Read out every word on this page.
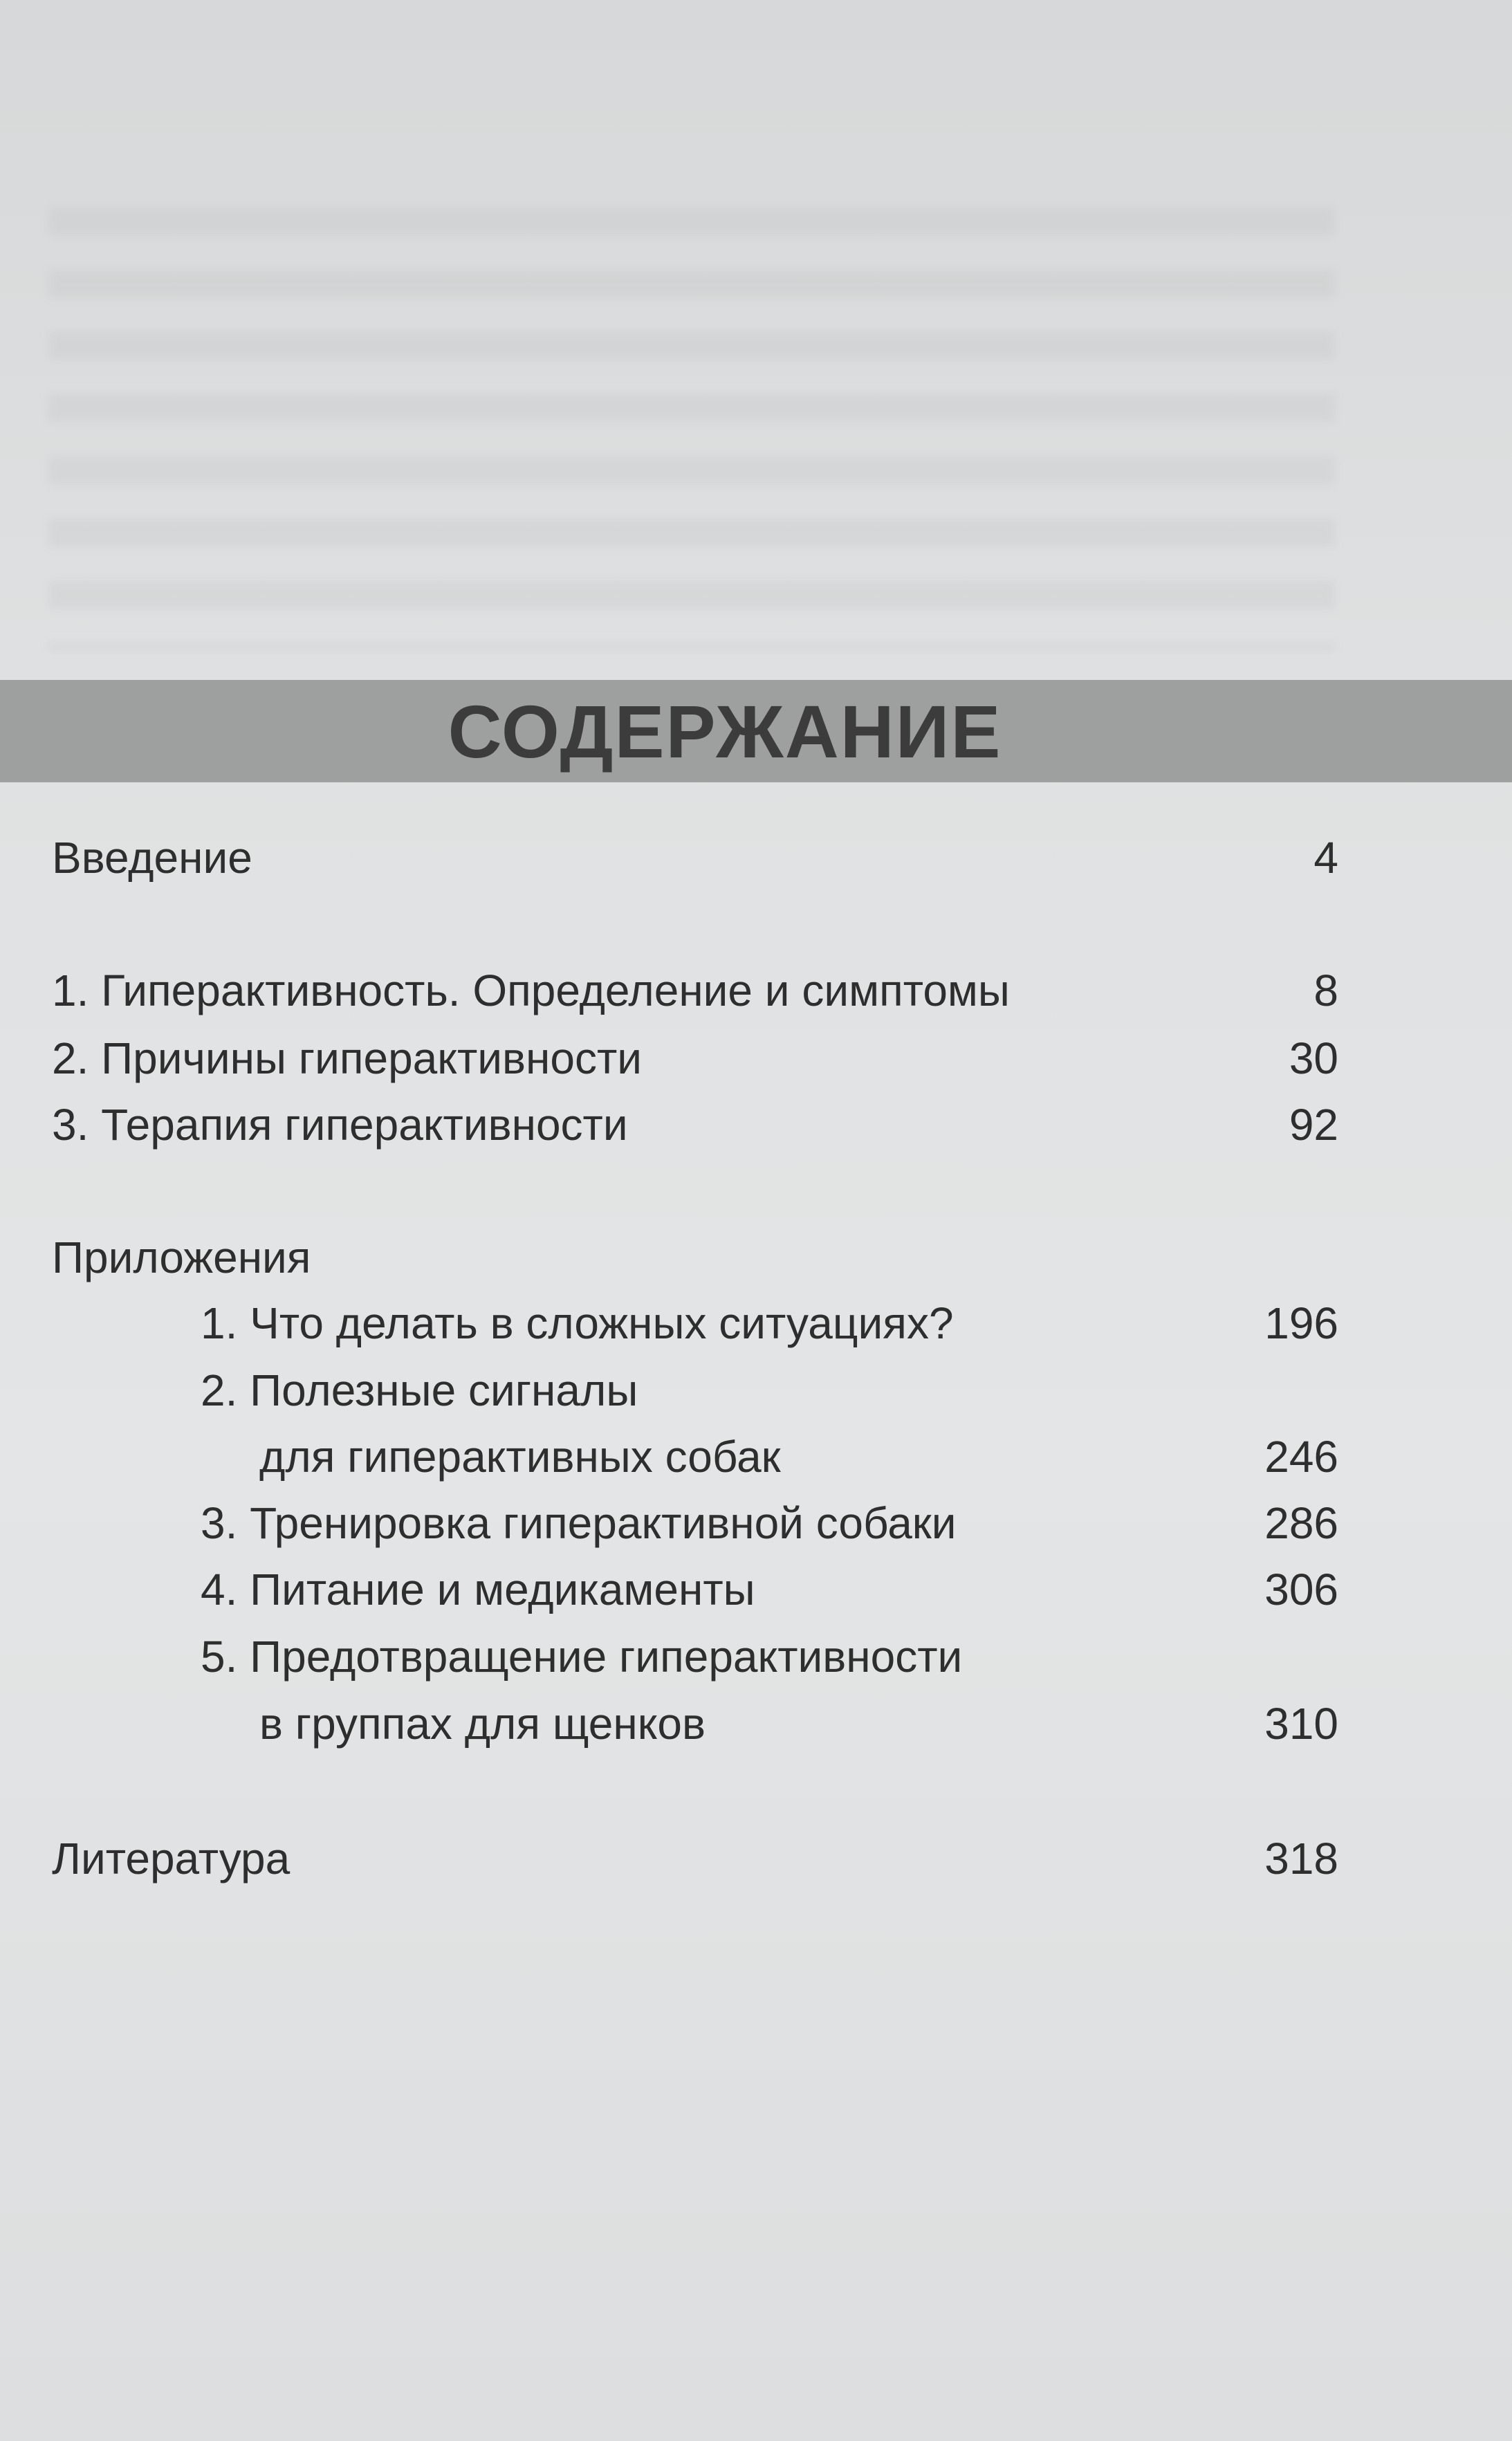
СОДЕРЖАНИЕ
Введение	4
1. Гиперактивность. Определение и симптомы	8
2. Причины гиперактивности	30
3. Терапия гиперактивности	92
Приложения
1. Что делать в сложных ситуациях?	196
2. Полезные сигналы
для гиперактивных собак	246
3. Тренировка гиперактивной собаки	286
4. Питание и медикаменты	306
5. Предотвращение гиперактивности
в группах для щенков	310
Литература	318
